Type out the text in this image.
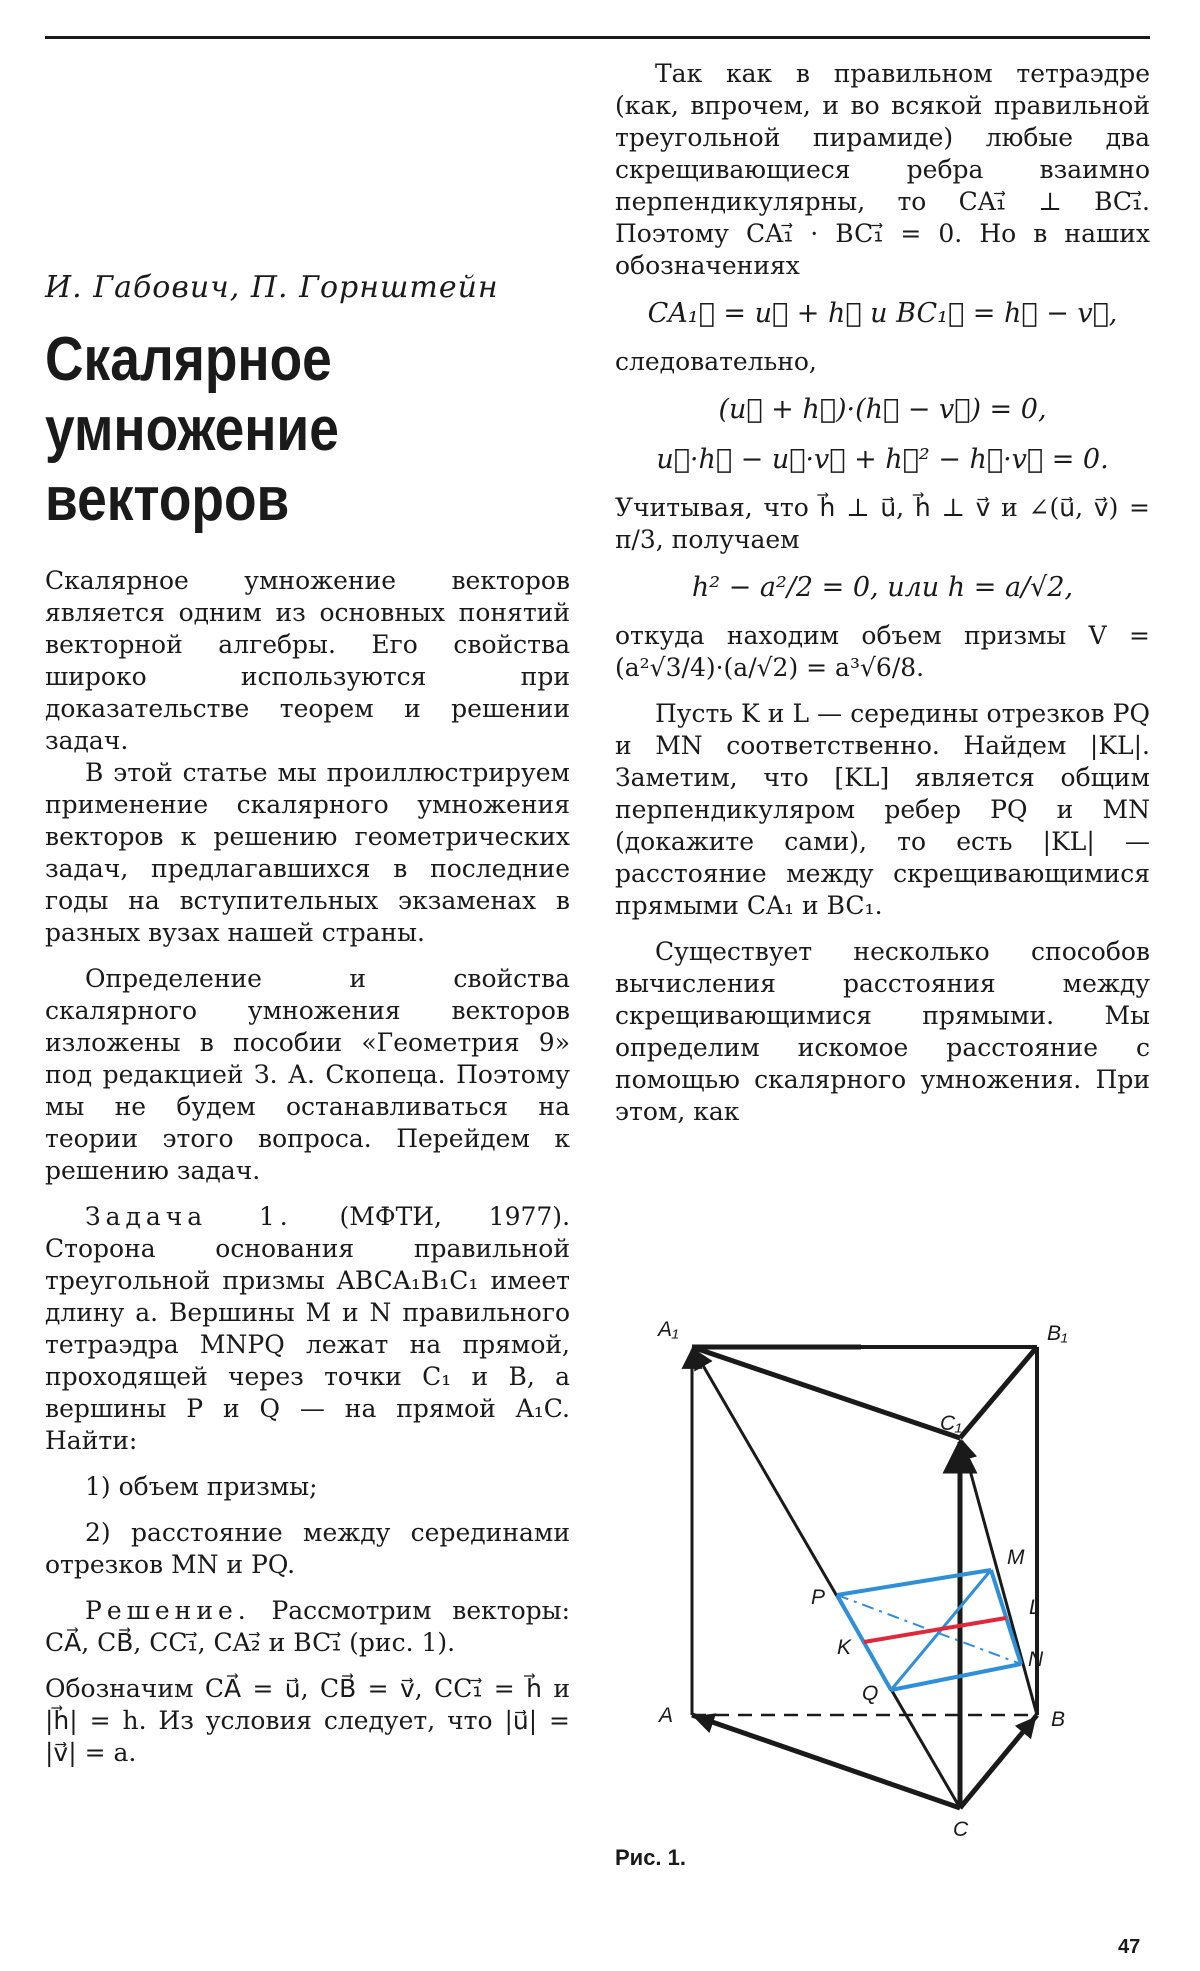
И. Габович, П. Горнштейн
Скалярное
умножение
векторов

Скалярное умножение векторов является одним из основных понятий векторной алгебры. Его свойства широко используются при доказательстве теорем и решении задач.

В этой статье мы проиллюстрируем применение скалярного умножения векторов к решению геометрических задач, предлагавшихся в последние годы на вступительных экзаменах в разных вузах нашей страны.

Определение и свойства скалярного умножения векторов изложены в пособии «Геометрия 9» под редакцией З. А. Скопеца. Поэтому мы не будем останавливаться на теории этого вопроса. Перейдем к решению задач.

Задача 1. (МФТИ, 1977). Сторона основания правильной треугольной призмы ABCA₁B₁C₁ имеет длину a. Вершины M и N правильного тетраэдра MNPQ лежат на прямой, проходящей через точки C₁ и B, а вершины P и Q — на прямой A₁C. Найти:

1) объем призмы;

2) расстояние между серединами отрезков MN и PQ.

Решение. Рассмотрим векторы: CA⃗, CB⃗, CC₁⃗, CA₂⃗ и BC₁⃗ (рис. 1).

Обозначим CA⃗ = u⃗, CB⃗ = v⃗, CC₁⃗ = h⃗ и |h⃗| = h. Из условия следует, что |u⃗| = |v⃗| = a.

Так как в правильном тетраэдре (как, впрочем, и во всякой правильной треугольной пирамиде) любые два скрещивающиеся ребра взаимно перпендикулярны, то CA₁⃗ ⊥ BC₁⃗. Поэтому CA₁⃗ · BC₁⃗ = 0. Но в наших обозначениях

CA₁⃗ = u⃗ + h⃗ и BC₁⃗ = h⃗ − v⃗,

следовательно,

(u⃗ + h⃗)·(h⃗ − v⃗) = 0,
u⃗·h⃗ − u⃗·v⃗ + h⃗² − h⃗·v⃗ = 0.

Учитывая, что h⃗ ⊥ u⃗, h⃗ ⊥ v⃗ и ∠(u⃗, v⃗) = π/3, получаем

h² − a²/2 = 0, или h = a/√2,

откуда находим объем призмы V = (a²√3/4)·(a/√2) = a³√6/8.

Пусть K и L — середины отрезков PQ и MN соответственно. Найдем |KL|. Заметим, что [KL] является общим перпендикуляром ребер PQ и MN (докажите сами), то есть |KL| — расстояние между скрещивающимися прямыми CA₁ и BC₁.

Существует несколько способов вычисления расстояния между скрещивающимися прямыми. Мы определим искомое расстояние с помощью скалярного умножения. При этом, как

A₁	B₁
C₁
M
P	L
K
N
Q
A	B
C
Рис. 1.
47
